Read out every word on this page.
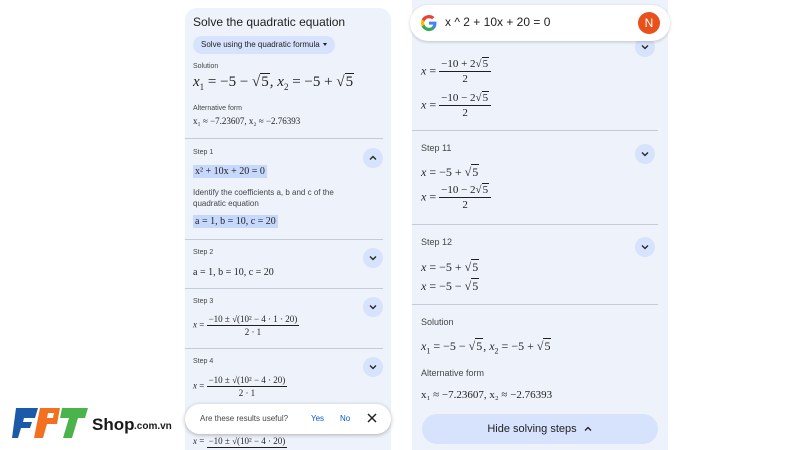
Solve the quadratic equation
Solve using the quadratic formula
Solution
$x_1 = -5 - √5$, $x_2 = -5 + √5$
Alternative form
x₁ ≈ −7.23607, x₂ ≈ −2.76393
Step 1
x² + 10x + 20 = 0
Identify the coefficients a, b and c of the quadratic equation
a = 1, b = 10, c = 20
Step 2
a = 1, b = 10, c = 20
Step 3
$x = \frac{\text{−10 ± √(10² − 4 · 1 · 20)}}{2 \cdot 1}$
Step 4
$x = \frac{\text{−10 ± √(10² − 4 · 20)}}{2 \cdot 1}$
x = −10 ± √(10² − 4 · 20)
Are these results useful?	Yes No
$x = \frac{-10 + 2√5}{2}$
$x = \frac{-10 - 2√5}{2}$
Step 11
x = −5 + √5
$x = \frac{-10 - 2√5}{2}$
Step 12
x = −5 + √5
x = −5 − √5
Solution
$x_1 = -5 - √5$, $x_2 = -5 + √5$
Alternative form
x₁ ≈ −7.23607, x₂ ≈ −2.76393
Hide solving steps
x ^ 2 + 10x + 20 = 0	N
Shop .com.vn
